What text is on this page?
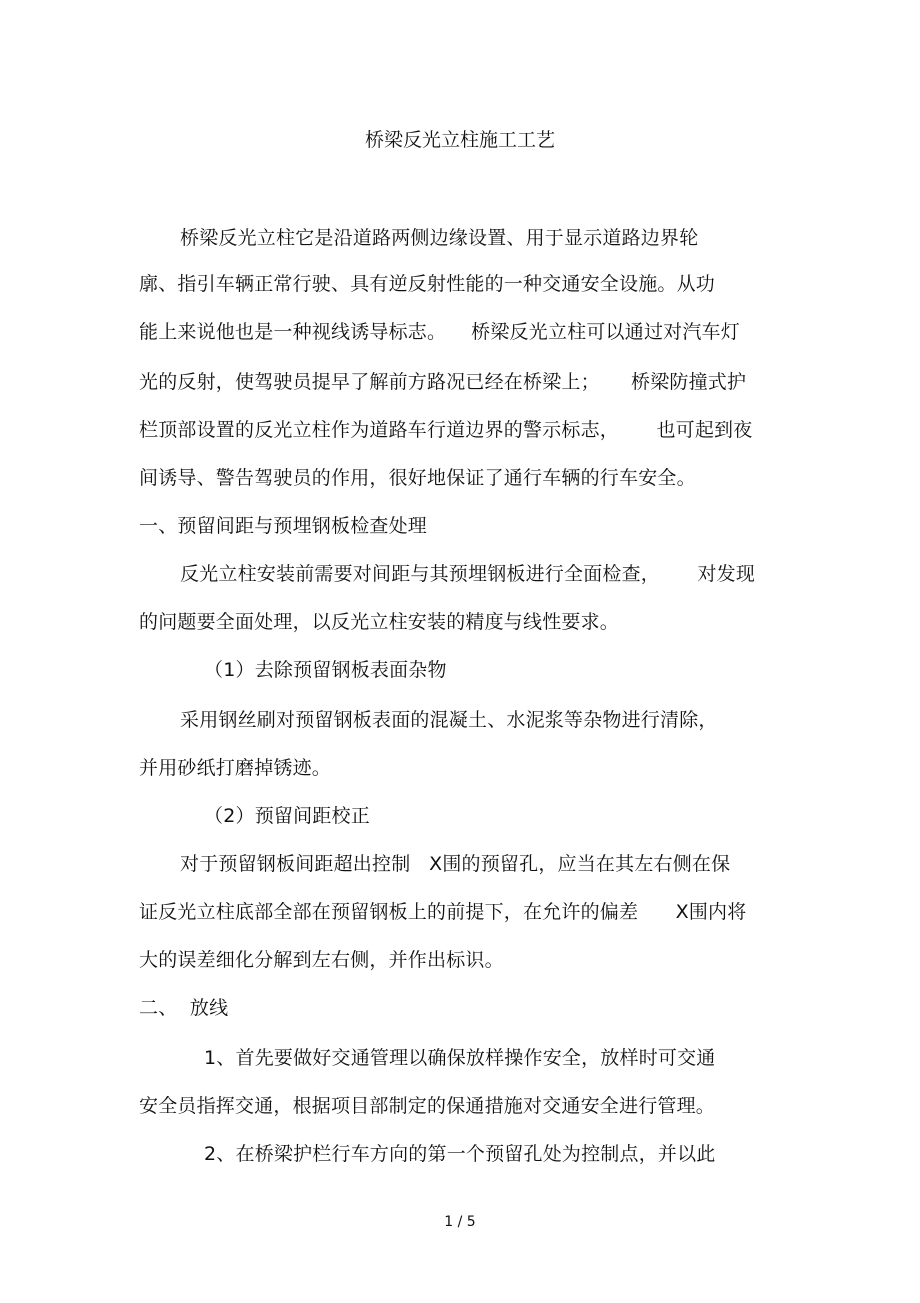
桥梁反光立柱施工工艺
桥梁反光立柱它是沿道路两侧边缘设置、用于显示道路边界轮
廓、指引车辆正常行驶、具有逆反射性能的一种交通安全设施。从功
能上来说他也是一种视线诱导标志。    桥梁反光立柱可以通过对汽车灯
光的反射，使驾驶员提早了解前方路况已经在桥梁上；     桥梁防撞式护
栏顶部设置的反光立柱作为道路车行道边界的警示标志，      也可起到夜
间诱导、警告驾驶员的作用，很好地保证了通行车辆的行车安全。
一、预留间距与预埋钢板检查处理
反光立柱安装前需要对间距与其预埋钢板进行全面检查，      对发现
的问题要全面处理，以反光立柱安装的精度与线性要求。
（1）去除预留钢板表面杂物
采用钢丝刷对预留钢板表面的混凝土、水泥浆等杂物进行清除，
并用砂纸打磨掉锈迹。
（2）预留间距校正
对于预留钢板间距超出控制   X围的预留孔，应当在其左右侧在保
证反光立柱底部全部在预留钢板上的前提下，在允许的偏差      X围内将
大的误差细化分解到左右侧，并作出标识。
二、  放线
1、首先要做好交通管理以确保放样操作安全，放样时可交通
安全员指挥交通，根据项目部制定的保通措施对交通安全进行管理。
2、在桥梁护栏行车方向的第一个预留孔处为控制点，并以此
1 / 5
